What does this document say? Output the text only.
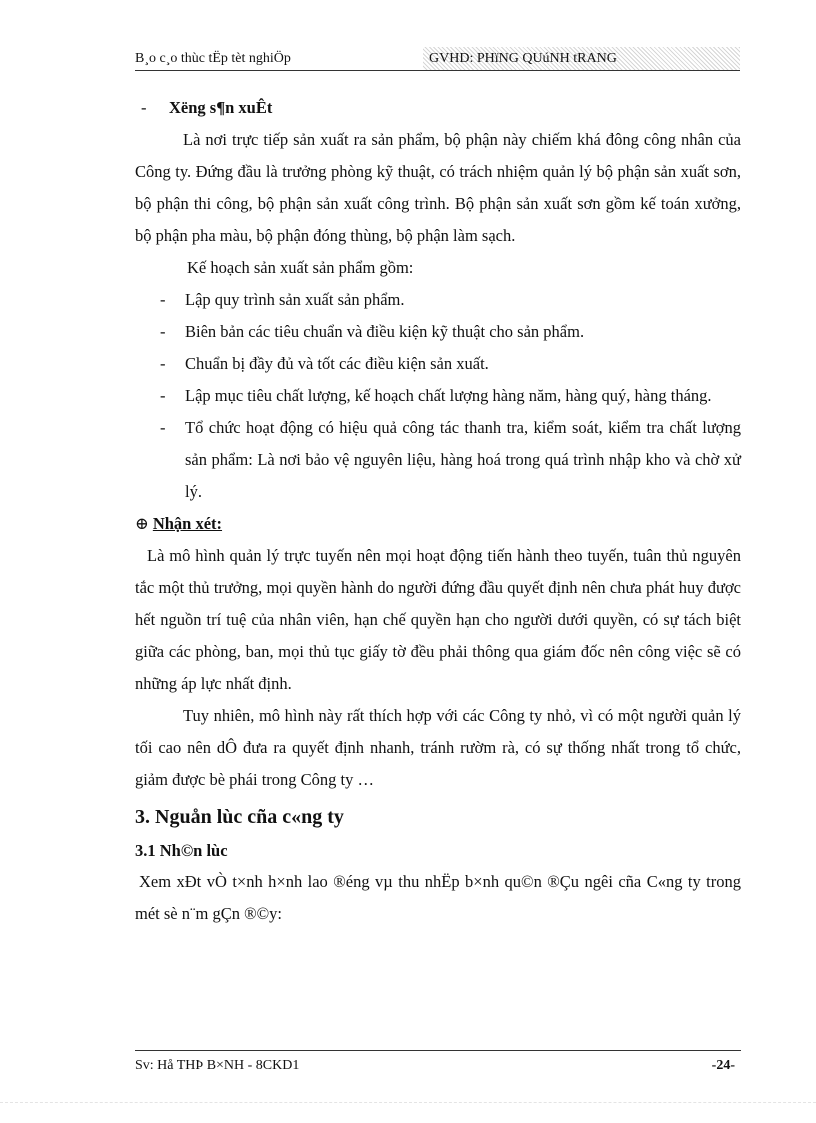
B¸o c¸o thùc tËp tèt nghiÖp	GVHD: PHïNG QUúNH tRANG
- Xëng s¶n xuÊt

Là nơi trực tiếp sản xuất ra sản phẩm, bộ phận này chiếm khá đông công nhân của Công ty. Đứng đầu là trưởng phòng kỹ thuật, có trách nhiệm quản lý bộ phận sản xuất sơn, bộ phận thi công, bộ phận sản xuất công trình. Bộ phận sản xuất sơn gồm kế toán xưởng, bộ phận pha màu, bộ phận đóng thùng, bộ phận làm sạch.

Kế hoạch sản xuất sản phẩm gồm:

- Lập quy trình sản xuất sản phẩm.
- Biên bản các tiêu chuẩn và điều kiện kỹ thuật cho sản phẩm.
- Chuẩn bị đầy đủ và tốt các điều kiện sản xuất.
- Lập mục tiêu chất lượng, kế hoạch chất lượng hàng năm, hàng quý, hàng tháng.
- Tổ chức hoạt động có hiệu quả công tác thanh tra, kiểm soát, kiểm tra chất lượng sản phẩm: Là nơi bảo vệ nguyên liệu, hàng hoá trong quá trình nhập kho và chờ xử lý.
⊕ Nhận xét:

Là mô hình quản lý trực tuyến nên mọi hoạt động tiến hành theo tuyến, tuân thủ nguyên tắc một thủ trưởng, mọi quyền hành do người đứng đầu quyết định nên chưa phát huy được hết nguồn trí tuệ của nhân viên, hạn chế quyền hạn cho người dưới quyền, có sự tách biệt giữa các phòng, ban, mọi thủ tục giấy tờ đều phải thông qua giám đốc nên công việc sẽ có những áp lực nhất định.

Tuy nhiên, mô hình này rất thích hợp với các Công ty nhỏ, vì có một người quản lý tối cao nên dÔ đưa ra quyết định nhanh, tránh rườm rà, có sự thống nhất trong tổ chức, giảm được bè phái trong Công ty …

3. Nguån lùc cña c«ng ty
3.1 Nh©n lùc

Xem xÐt vÒ t×nh h×nh lao ®éng vµ thu nhËp b×nh qu©n ®Çu ngêi cña C«ng ty trong mét sè n¨m gÇn ®©y:

Sv: Hå THÞ B×NH - 8CKD1	-24-
